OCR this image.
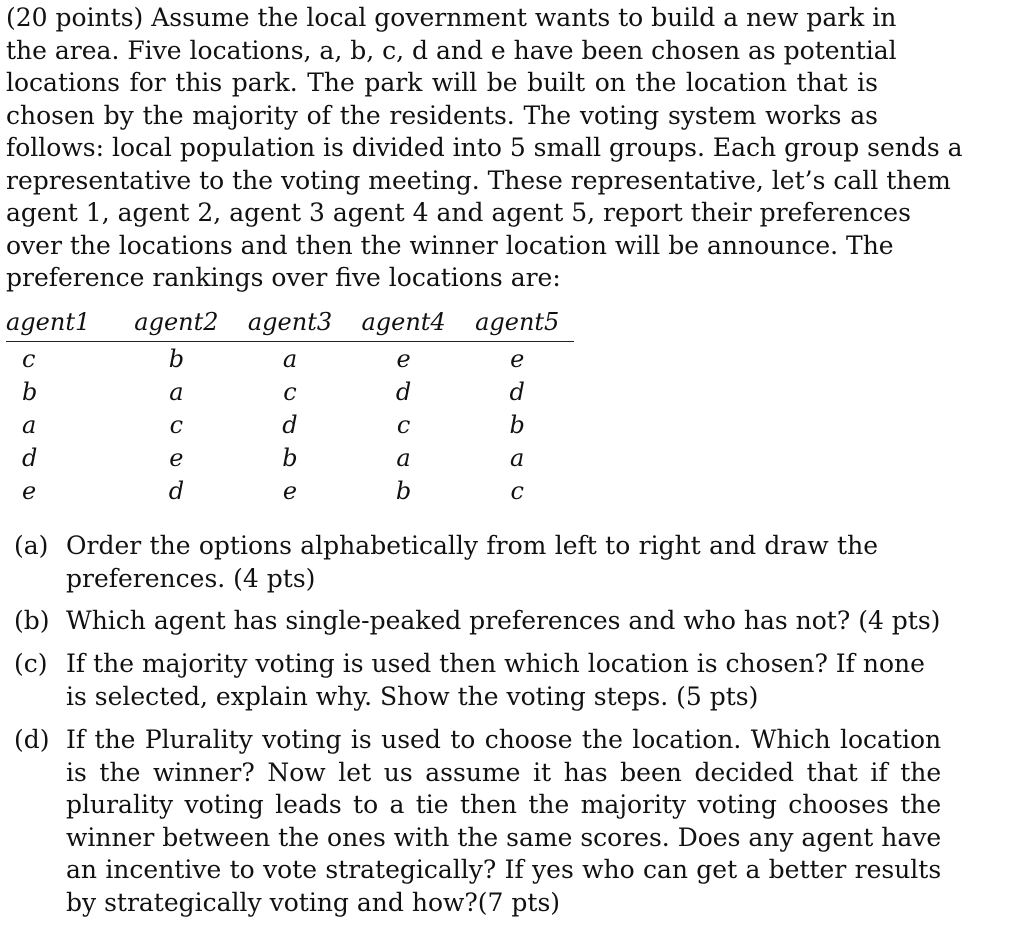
(20 points) Assume the local government wants to build a new park in
the area. Five locations, a, b, c, d and e have been chosen as potential
locations for this park. The park will be built on the location that is
chosen by the majority of the residents. The voting system works as
follows: local population is divided into 5 small groups. Each group sends a
representative to the voting meeting. These representative, let’s call them
agent 1, agent 2, agent 3 agent 4 and agent 5, report their preferences
over the locations and then the winner location will be announce. The
preference rankings over five locations are:
agent1	agent2	agent3	agent4	agent5
c	b	a	e	e
b	a	c	d	d
a	c	d	c	b
d	e	b	a	a
e	d	e	b	c
(a) Order the options alphabetically from left to right and draw the
preferences. (4 pts)
(b) Which agent has single-peaked preferences and who has not? (4 pts)
(c) If the majority voting is used then which location is chosen? If none
is selected, explain why. Show the voting steps. (5 pts)
(d) If the Plurality voting is used to choose the location. Which location
is the winner? Now let us assume it has been decided that if the
plurality voting leads to a tie then the majority voting chooses the
winner between the ones with the same scores. Does any agent have
an incentive to vote strategically? If yes who can get a better results
by strategically voting and how?(7 pts)
